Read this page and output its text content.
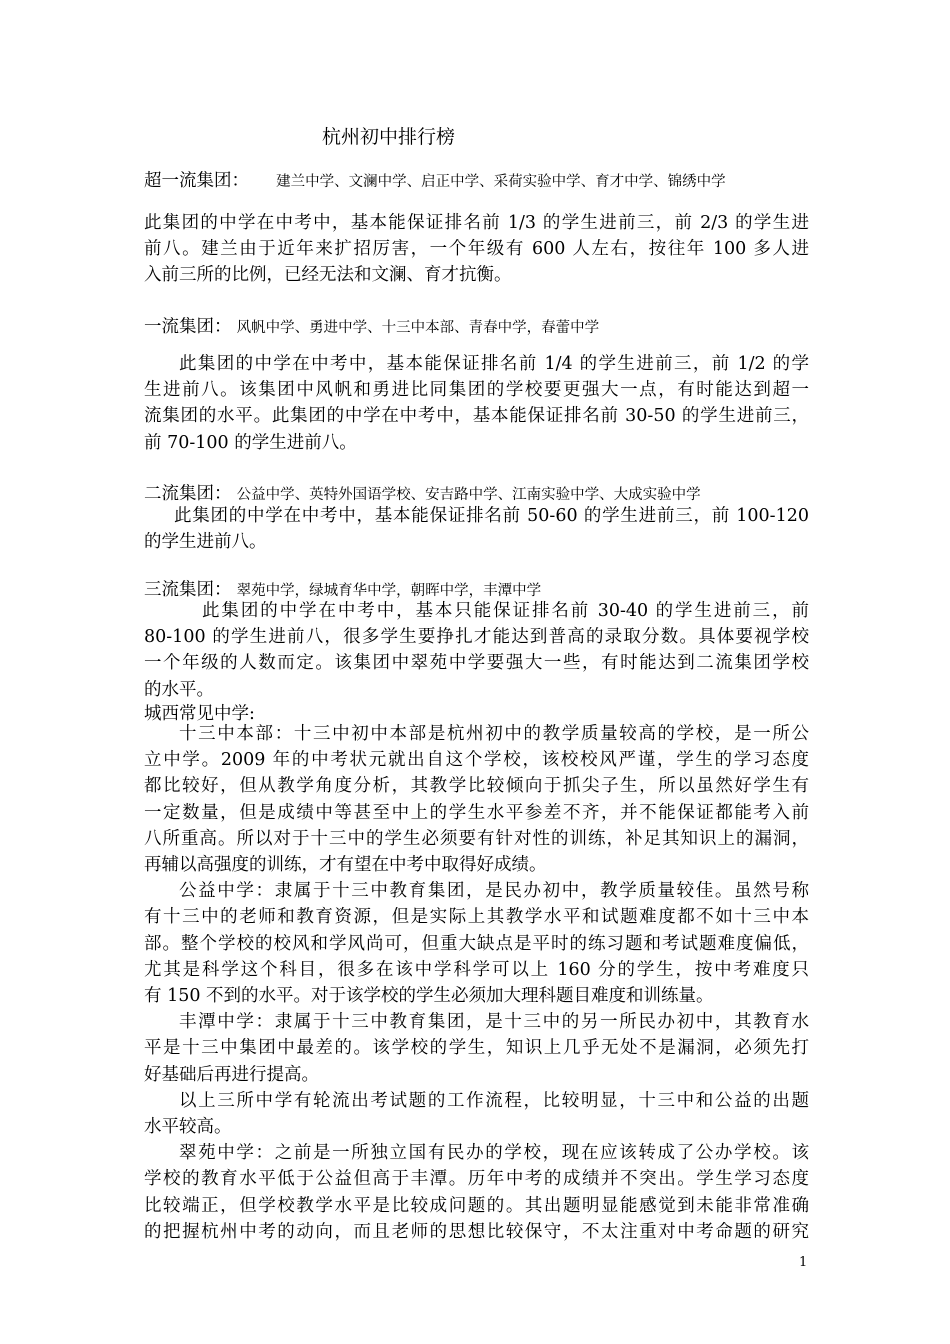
杭州初中排行榜
超一流集团： 建兰中学、文澜中学、启正中学、采荷实验中学、育才中学、锦绣中学
此集团的中学在中考中，基本能保证排名前 1/3 的学生进前三，前 2/3 的学生进
前八。建兰由于近年来扩招厉害，一个年级有 600 人左右，按往年 100 多人进
入前三所的比例，已经无法和文澜、育才抗衡。
一流集团： 风帆中学、勇进中学、十三中本部、青春中学，春蕾中学
此集团的中学在中考中，基本能保证排名前 1/4 的学生进前三，前 1/2 的学
生进前八。该集团中风帆和勇进比同集团的学校要更强大一点，有时能达到超一
流集团的水平。此集团的中学在中考中，基本能保证排名前 30-50 的学生进前三，
前 70-100 的学生进前八。
二流集团： 公益中学、英特外国语学校、安吉路中学、江南实验中学、大成实验中学
此集团的中学在中考中，基本能保证排名前 50-60 的学生进前三，前 100-120
的学生进前八。
三流集团： 翠苑中学，绿城育华中学，朝晖中学，丰潭中学
此集团的中学在中考中，基本只能保证排名前 30-40 的学生进前三，前
80-100 的学生进前八，很多学生要挣扎才能达到普高的录取分数。具体要视学校
一个年级的人数而定。该集团中翠苑中学要强大一些，有时能达到二流集团学校
的水平。
城西常见中学:
十三中本部：十三中初中本部是杭州初中的教学质量较高的学校，是一所公
立中学。2009 年的中考状元就出自这个学校，该校校风严谨，学生的学习态度
都比较好，但从教学角度分析，其教学比较倾向于抓尖子生，所以虽然好学生有
一定数量，但是成绩中等甚至中上的学生水平参差不齐，并不能保证都能考入前
八所重高。所以对于十三中的学生必须要有针对性的训练，补足其知识上的漏洞，
再辅以高强度的训练，才有望在中考中取得好成绩。
公益中学：隶属于十三中教育集团，是民办初中，教学质量较佳。虽然号称
有十三中的老师和教育资源，但是实际上其教学水平和试题难度都不如十三中本
部。整个学校的校风和学风尚可，但重大缺点是平时的练习题和考试题难度偏低，
尤其是科学这个科目，很多在该中学科学可以上 160 分的学生，按中考难度只
有 150 不到的水平。对于该学校的学生必须加大理科题目难度和训练量。
丰潭中学：隶属于十三中教育集团，是十三中的另一所民办初中，其教育水
平是十三中集团中最差的。该学校的学生，知识上几乎无处不是漏洞，必须先打
好基础后再进行提高。
以上三所中学有轮流出考试题的工作流程，比较明显，十三中和公益的出题
水平较高。
翠苑中学：之前是一所独立国有民办的学校，现在应该转成了公办学校。该
学校的教育水平低于公益但高于丰潭。历年中考的成绩并不突出。学生学习态度
比较端正，但学校教学水平是比较成问题的。其出题明显能感觉到未能非常准确
的把握杭州中考的动向，而且老师的思想比较保守，不太注重对中考命题的研究
1
